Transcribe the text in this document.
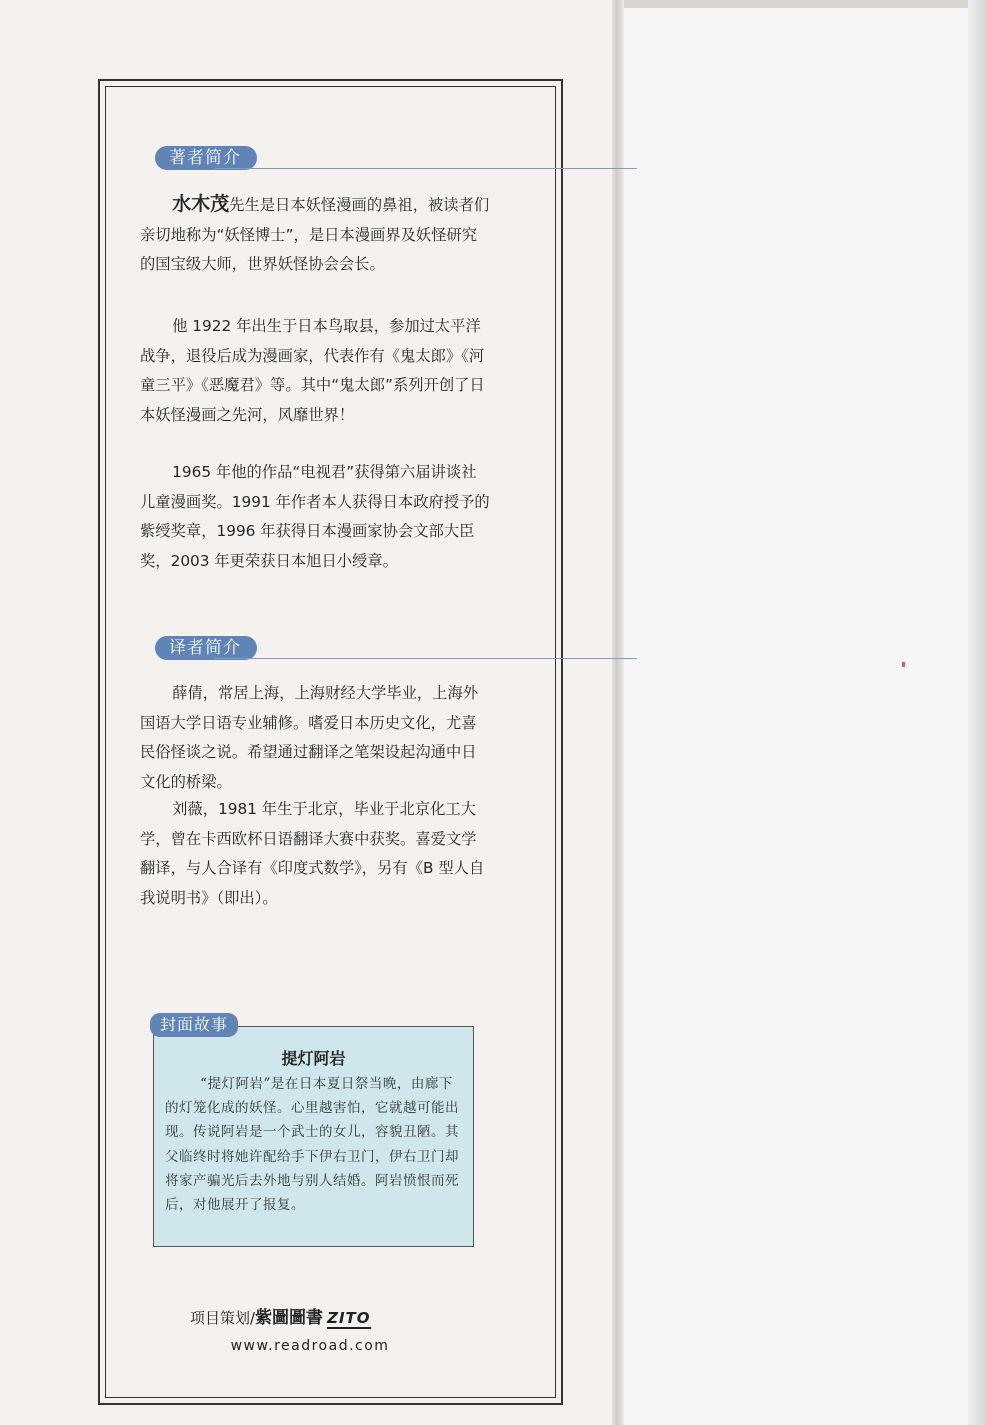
著者简介

水木茂先生是日本妖怪漫画的鼻祖，被读者们亲切地称为“妖怪博士”，是日本漫画界及妖怪研究的国宝级大师，世界妖怪协会会长。

他 1922 年出生于日本鸟取县，参加过太平洋战争，退役后成为漫画家，代表作有《鬼太郎》《河童三平》《恶魔君》等。其中“鬼太郎”系列开创了日本妖怪漫画之先河，风靡世界！

1965 年他的作品“电视君”获得第六届讲谈社儿童漫画奖。1991 年作者本人获得日本政府授予的紫绶奖章，1996 年获得日本漫画家协会文部大臣奖，2003 年更荣获日本旭日小绶章。

译者简介

薛倩，常居上海，上海财经大学毕业，上海外国语大学日语专业辅修。嗜爱日本历史文化，尤喜民俗怪谈之说。希望通过翻译之笔架设起沟通中日文化的桥梁。

刘薇，1981 年生于北京，毕业于北京化工大学，曾在卡西欧杯日语翻译大赛中获奖。喜爱文学翻译，与人合译有《印度式数学》，另有《B 型人自我说明书》（即出）。

封面故事
提灯阿岩

“提灯阿岩”是在日本夏日祭当晚，由廊下的灯笼化成的妖怪。心里越害怕，它就越可能出现。传说阿岩是一个武士的女儿，容貌丑陋。其父临终时将她许配给手下伊右卫门，伊右卫门却将家产骗光后去外地与别人结婚。阿岩愤恨而死后，对他展开了报复。

项目策划/紫圖圖書 ZITO
www.readroad.com
